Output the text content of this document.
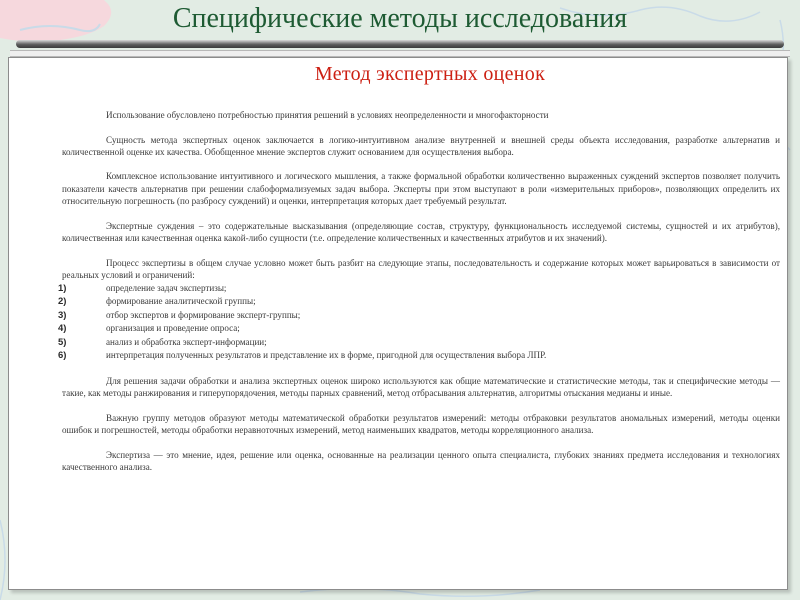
Специфические методы исследования
Метод экспертных оценок

Использование обусловлено потребностью принятия решений в условиях неопределенности и многофакторности

Сущность метода экспертных оценок заключается в логико-интуитивном анализе внутренней и внешней среды объекта исследования, разработке альтернатив и количественной оценке их качества. Обобщенное мнение экспертов служит основанием для осуществления выбора.

Комплексное использование интуитивного и логического мышления, а также формальной обработки количественно выраженных суждений экспертов позволяет получить показатели качеств альтернатив при решении слабоформализуемых задач выбора. Эксперты при этом выступают в роли «измерительных приборов», позволяющих определить их относительную погрешность (по разбросу суждений) и оценки, интерпретация которых дает требуемый результат.

Экспертные суждения – это содержательные высказывания (определяющие состав, структуру, функциональность исследуемой системы, сущностей и их атрибутов), количественная или качественная оценка какой-либо сущности (т.е. определение количественных и качественных атрибутов и их значений).

Процесс экспертизы в общем случае условно может быть разбит на следующие этапы, последовательность и содержание которых может варьироваться в зависимости от реальных условий и ограничений:

1)	определение задач экспертизы;
2)	формирование аналитической группы;
3)	отбор экспертов и формирование эксперт-группы;
4)	организация и проведение опроса;
5)	анализ и обработка эксперт-информации;
6)	интерпретация полученных результатов и представление их в форме, пригодной для осуществления выбора ЛПР.

Для решения задачи обработки и анализа экспертных оценок широко используются как общие математические и статистические методы, так и специфические методы — такие, как методы ранжирования и гиперупорядочения, методы парных сравнений, метод отбрасывания альтернатив, алгоритмы отыскания медианы и иные.

Важную группу методов образуют методы математической обработки результатов измерений: методы отбраковки результатов аномальных измерений, методы оценки ошибок и погрешностей, методы обработки неравноточных измерений, метод наименьших квадратов, методы корреляционного анализа.

Экспертиза — это мнение, идея, решение или оценка, основанные на реализации ценного опыта специалиста, глубоких знаниях предмета исследования и технологиях качественного анализа.
